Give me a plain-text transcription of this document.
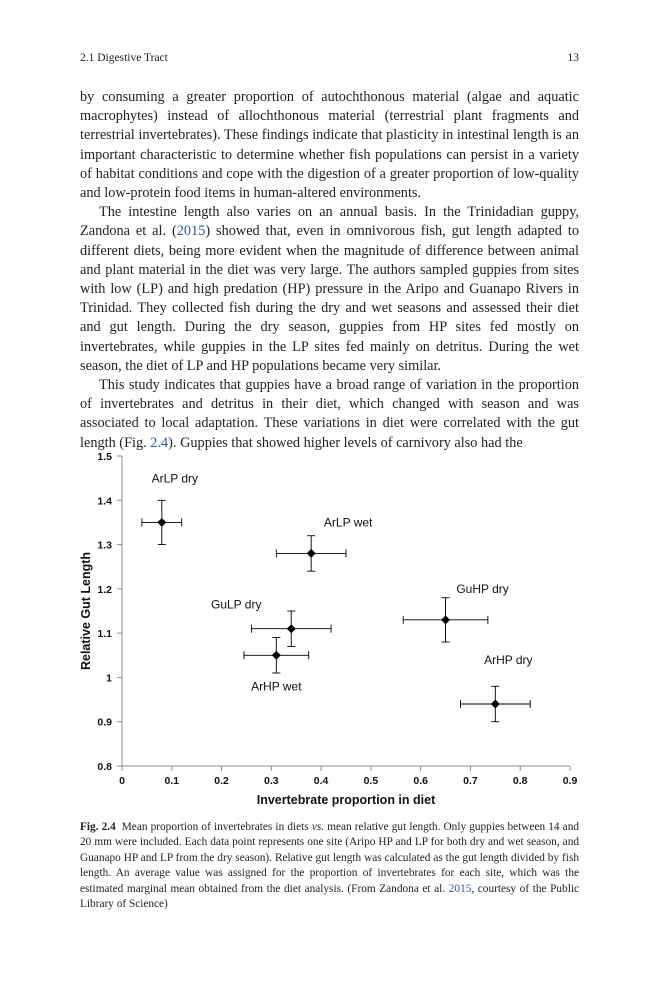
2.1 Digestive Tract	13

by consuming a greater proportion of autochthonous material (algae and aquatic macrophytes) instead of allochthonous material (terrestrial plant fragments and terrestrial invertebrates). These findings indicate that plasticity in intestinal length is an important characteristic to determine whether fish populations can persist in a variety of habitat conditions and cope with the digestion of a greater proportion of low-quality and low-protein food items in human-altered environments.

The intestine length also varies on an annual basis. In the Trinidadian guppy, Zandona et al. (2015) showed that, even in omnivorous fish, gut length adapted to different diets, being more evident when the magnitude of difference between animal and plant material in the diet was very large. The authors sampled guppies from sites with low (LP) and high predation (HP) pressure in the Aripo and Guanapo Rivers in Trinidad. They collected fish during the dry and wet seasons and assessed their diet and gut length. During the dry season, guppies from HP sites fed mostly on invertebrates, while guppies in the LP sites fed mainly on detritus. During the wet season, the diet of LP and HP populations became very similar.

This study indicates that guppies have a broad range of variation in the proportion of invertebrates and detritus in their diet, which changed with season and was associated to local adaptation. These variations in diet were correlated with the gut length (Fig. 2.4). Guppies that showed higher levels of carnivory also had the

0	0.1	0.2	0.3	0.4	0.5	0.6	0.7	0.8	0.9
0.8
0.9
1
1.1
1.2
1.3
1.4
1.5
Invertebrate proportion in diet
Relative Gut Length
ArLP dry
ArLP wet
GuHP dry
GuLP dry
ArHP wet
ArHP dry
Fig. 2.4 Mean proportion of invertebrates in diets vs. mean relative gut length. Only guppies between 14 and 20 mm were included. Each data point represents one site (Aripo HP and LP for both dry and wet season, and Guanapo HP and LP from the dry season). Relative gut length was calculated as the gut length divided by fish length. An average value was assigned for the proportion of invertebrates for each site, which was the estimated marginal mean obtained from the diet analysis. (From Zandona et al. 2015, courtesy of the Public Library of Science)
